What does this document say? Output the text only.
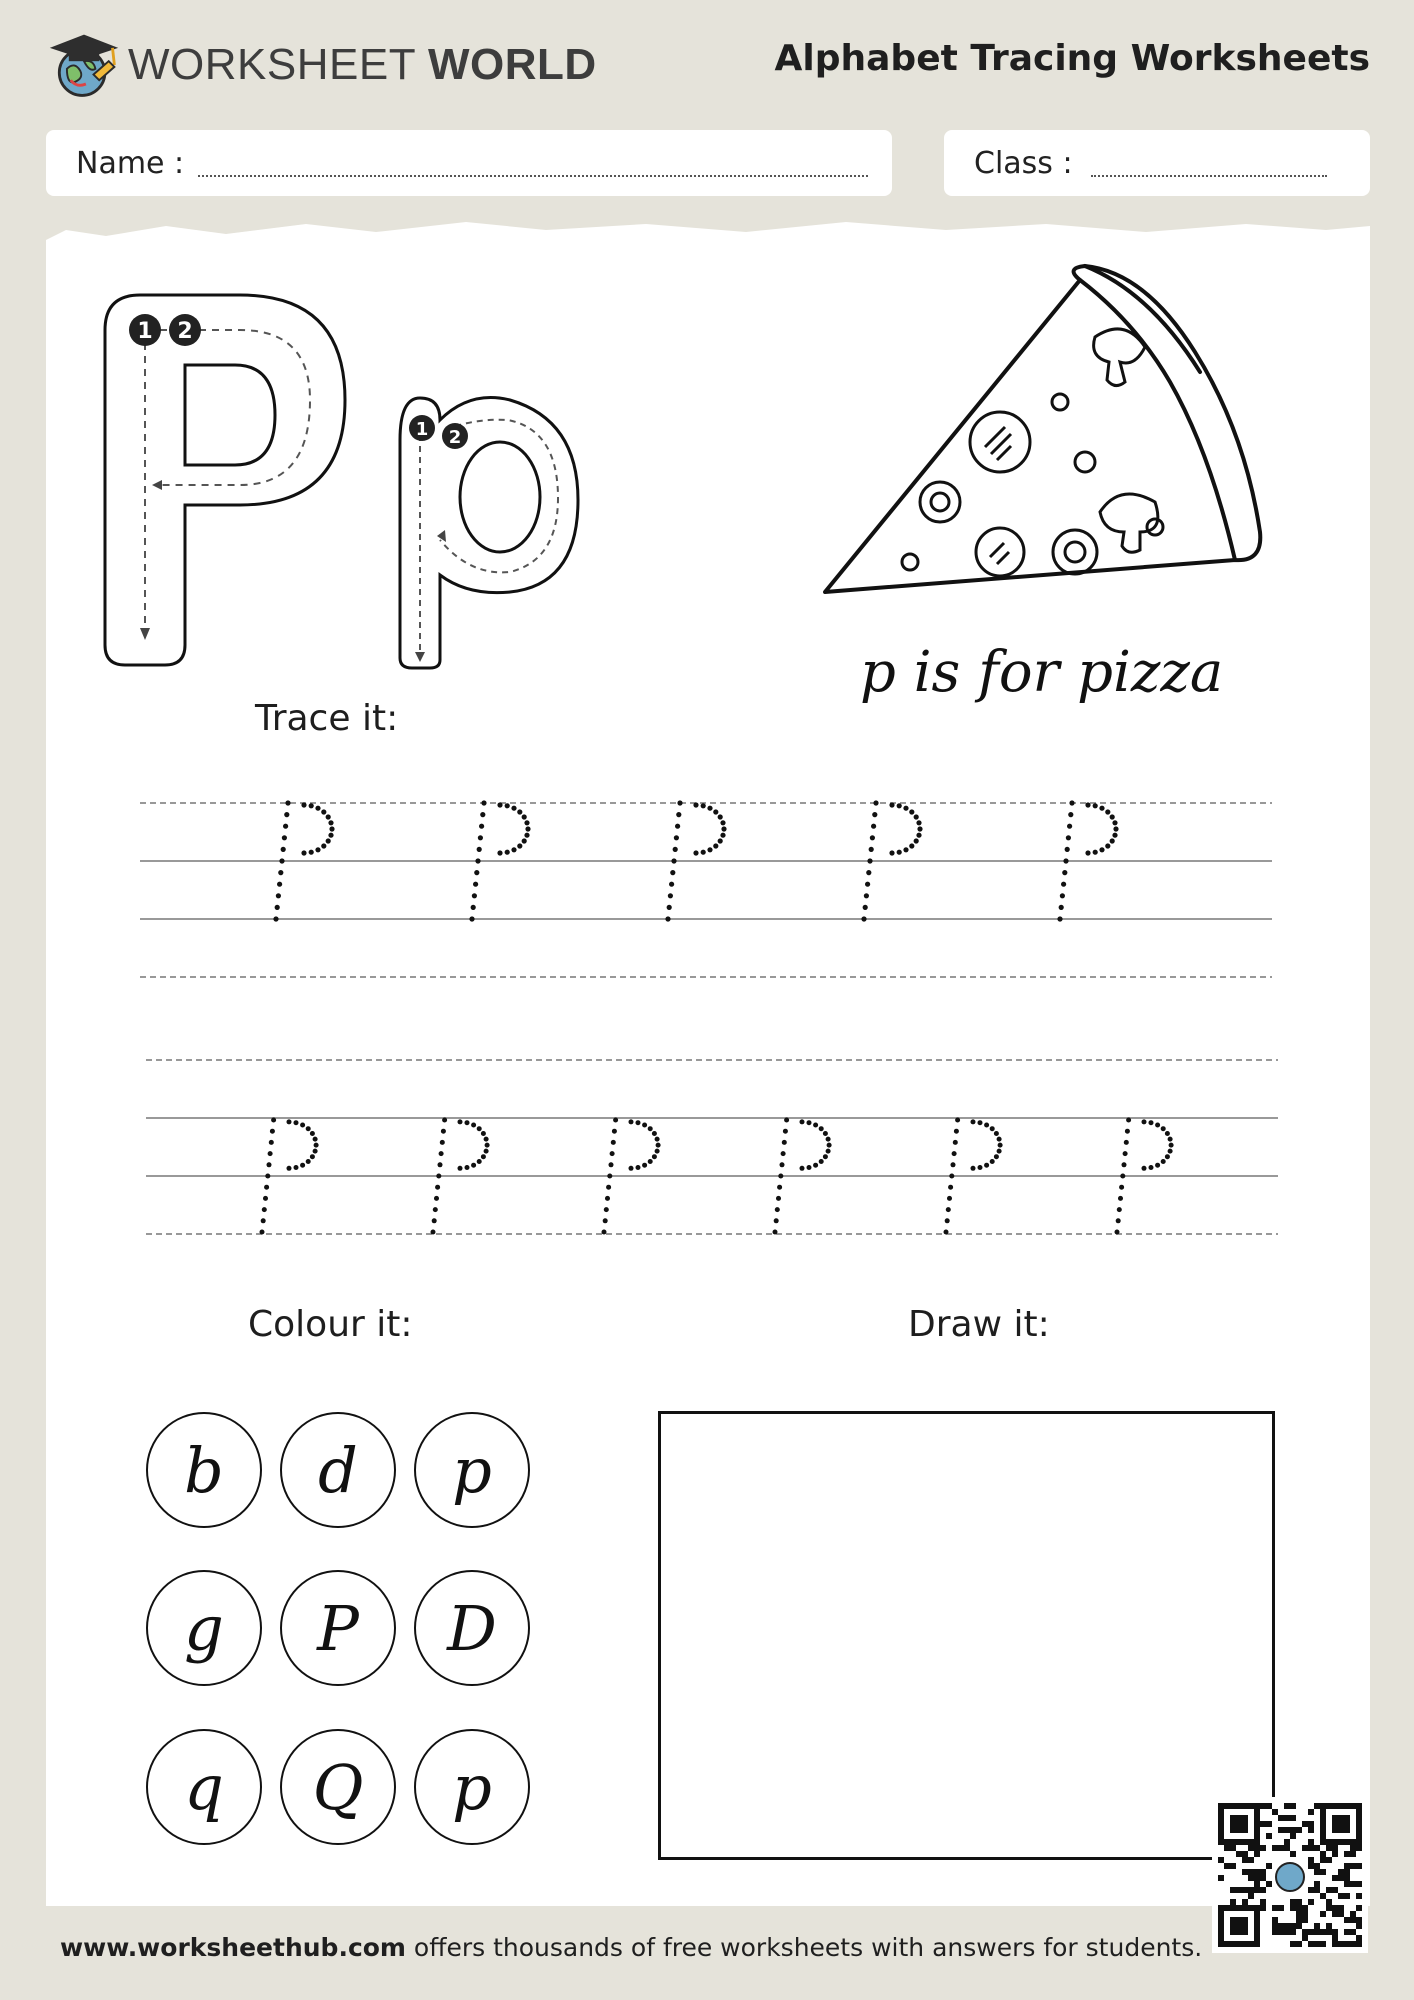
WORKSHEET WORLD	Alphabet Tracing Worksheets
Name :	Class :
1 2
1 2
p is for pizza
Trace it:
Colour it:	Draw it:
b d p
g P D
q Q p
www.worksheethub.com offers thousands of free worksheets with answers for students.
